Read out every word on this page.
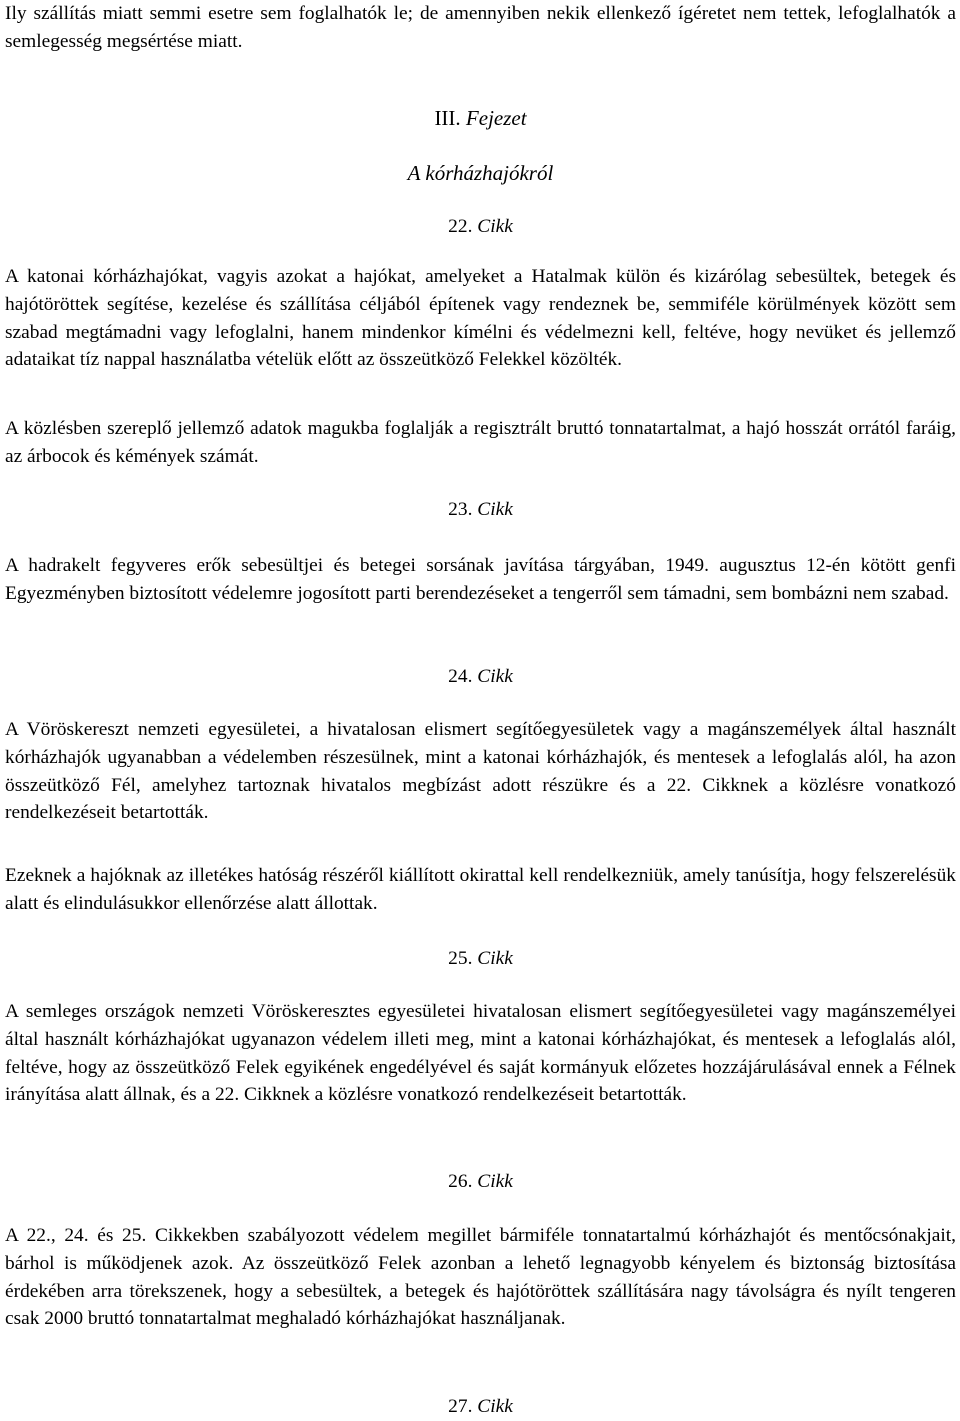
Ily szállítás miatt semmi esetre sem foglalhatók le; de amennyiben nekik ellenkező ígéretet nem tettek, lefoglalhatók a semlegesség megsértése miatt.

III. Fejezet

A kórházhajókról

22. Cikk

A katonai kórházhajókat, vagyis azokat a hajókat, amelyeket a Hatalmak külön és kizárólag sebesültek, betegek és hajótöröttek segítése, kezelése és szállítása céljából építenek vagy rendeznek be, semmiféle körülmények között sem szabad megtámadni vagy lefoglalni, hanem mindenkor kímélni és védelmezni kell, feltéve, hogy nevüket és jellemző adataikat tíz nappal használatba vételük előtt az összeütköző Felekkel közölték.

A közlésben szereplő jellemző adatok magukba foglalják a regisztrált bruttó tonnatartalmat, a hajó hosszát orrától faráig, az árbocok és kémények számát.

23. Cikk

A hadrakelt fegyveres erők sebesültjei és betegei sorsának javítása tárgyában, 1949. augusztus 12-én kötött genfi Egyezményben biztosított védelemre jogosított parti berendezéseket a tengerről sem támadni, sem bombázni nem szabad.

24. Cikk

A Vöröskereszt nemzeti egyesületei, a hivatalosan elismert segítőegyesületek vagy a magánszemélyek által használt kórházhajók ugyanabban a védelemben részesülnek, mint a katonai kórházhajók, és mentesek a lefoglalás alól, ha azon összeütköző Fél, amelyhez tartoznak hivatalos megbízást adott részükre és a 22. Cikknek a közlésre vonatkozó rendelkezéseit betartották.

Ezeknek a hajóknak az illetékes hatóság részéről kiállított okirattal kell rendelkezniük, amely tanúsítja, hogy felszerelésük alatt és elindulásukkor ellenőrzése alatt állottak.

25. Cikk

A semleges országok nemzeti Vöröskeresztes egyesületei hivatalosan elismert segítőegyesületei vagy magánszemélyei által használt kórházhajókat ugyanazon védelem illeti meg, mint a katonai kórházhajókat, és mentesek a lefoglalás alól, feltéve, hogy az összeütköző Felek egyikének engedélyével és saját kormányuk előzetes hozzájárulásával ennek a Félnek irányítása alatt állnak, és a 22. Cikknek a közlésre vonatkozó rendelkezéseit betartották.

26. Cikk

A 22., 24. és 25. Cikkekben szabályozott védelem megillet bármiféle tonnatartalmú kórházhajót és mentőcsónakjait, bárhol is működjenek azok. Az összeütköző Felek azonban a lehető legnagyobb kényelem és biztonság biztosítása érdekében arra törekszenek, hogy a sebesültek, a betegek és hajótöröttek szállítására nagy távolságra és nyílt tengeren csak 2000 bruttó tonnatartalmat meghaladó kórházhajókat használjanak.

27. Cikk
